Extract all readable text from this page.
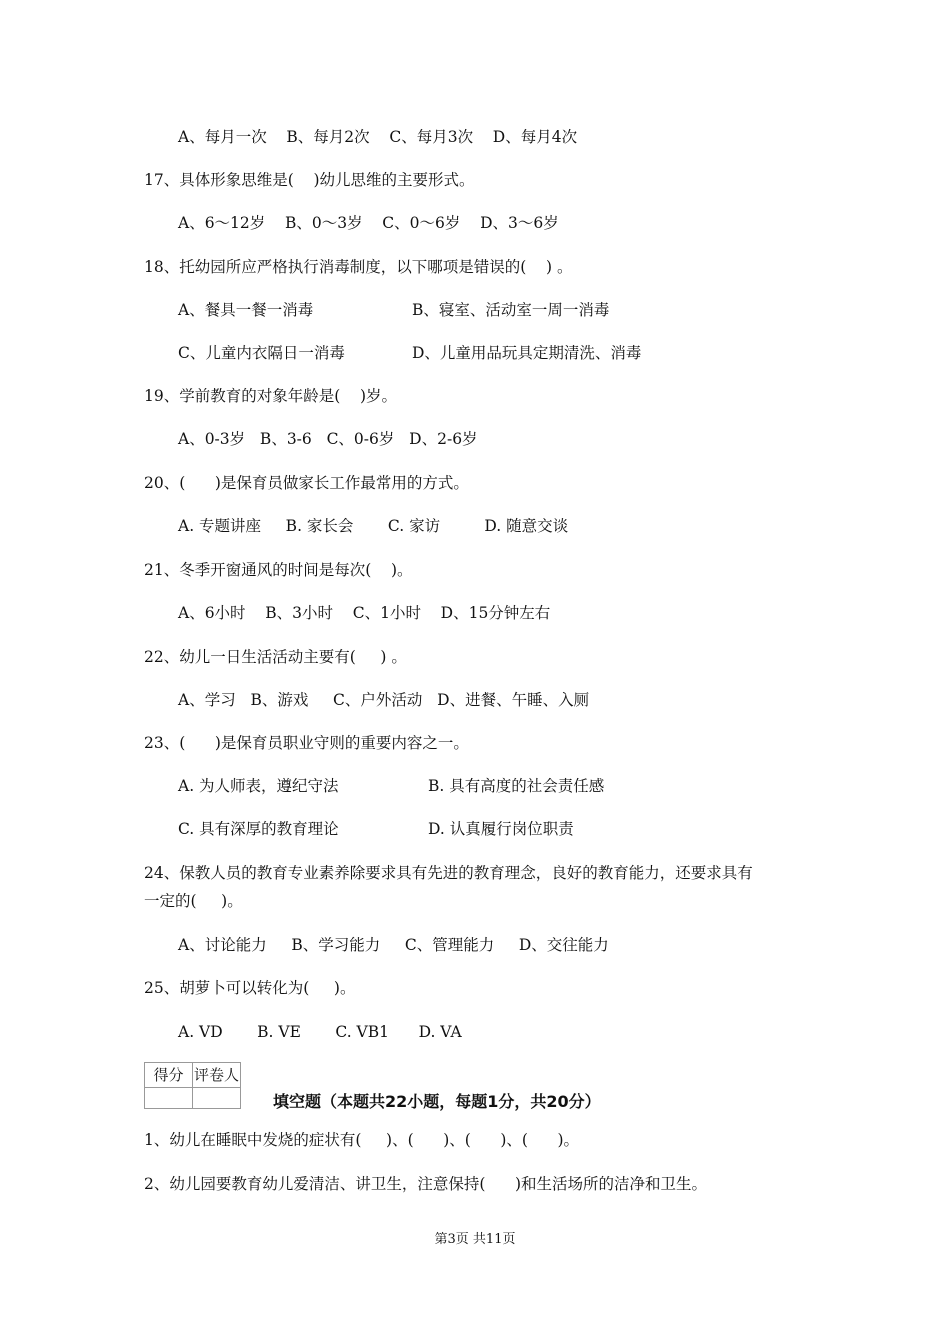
A、每月一次    B、每月2次    C、每月3次    D、每月4次
17、具体形象思维是(    )幼儿思维的主要形式。
A、6～12岁    B、0～3岁    C、0～6岁    D、3～6岁
18、托幼园所应严格执行消毒制度，以下哪项是错误的(    ) 。
A、餐具一餐一消毒	B、寝室、活动室一周一消毒
C、儿童内衣隔日一消毒	D、儿童用品玩具定期清洗、消毒
19、学前教育的对象年龄是(    )岁。
A、0-3岁   B、3-6   C、0-6岁   D、2-6岁
20、(      )是保育员做家长工作最常用的方式。
A. 专题讲座     B. 家长会       C. 家访         D. 随意交谈
21、冬季开窗通风的时间是每次(    )。
A、6小时    B、3小时    C、1小时    D、15分钟左右
22、幼儿一日生活活动主要有(     ) 。
A、学习   B、游戏     C、户外活动   D、进餐、午睡、入厕
23、(      )是保育员职业守则的重要内容之一。
A. 为人师表，遵纪守法	B. 具有高度的社会责任感
C. 具有深厚的教育理论	D. 认真履行岗位职责
24、保教人员的教育专业素养除要求具有先进的教育理念，良好的教育能力，还要求具有
一定的(     )。
A、讨论能力     B、学习能力     C、管理能力     D、交往能力
25、胡萝卜可以转化为(     )。
A. VD       B. VE       C. VB1      D. VA
得分	评卷人

填空题（本题共22小题，每题1分，共20分）
1、幼儿在睡眠中发烧的症状有(     )、(      )、(      )、(      )。
2、幼儿园要教育幼儿爱清洁、讲卫生，注意保持(      )和生活场所的洁净和卫生。
第3页 共11页
